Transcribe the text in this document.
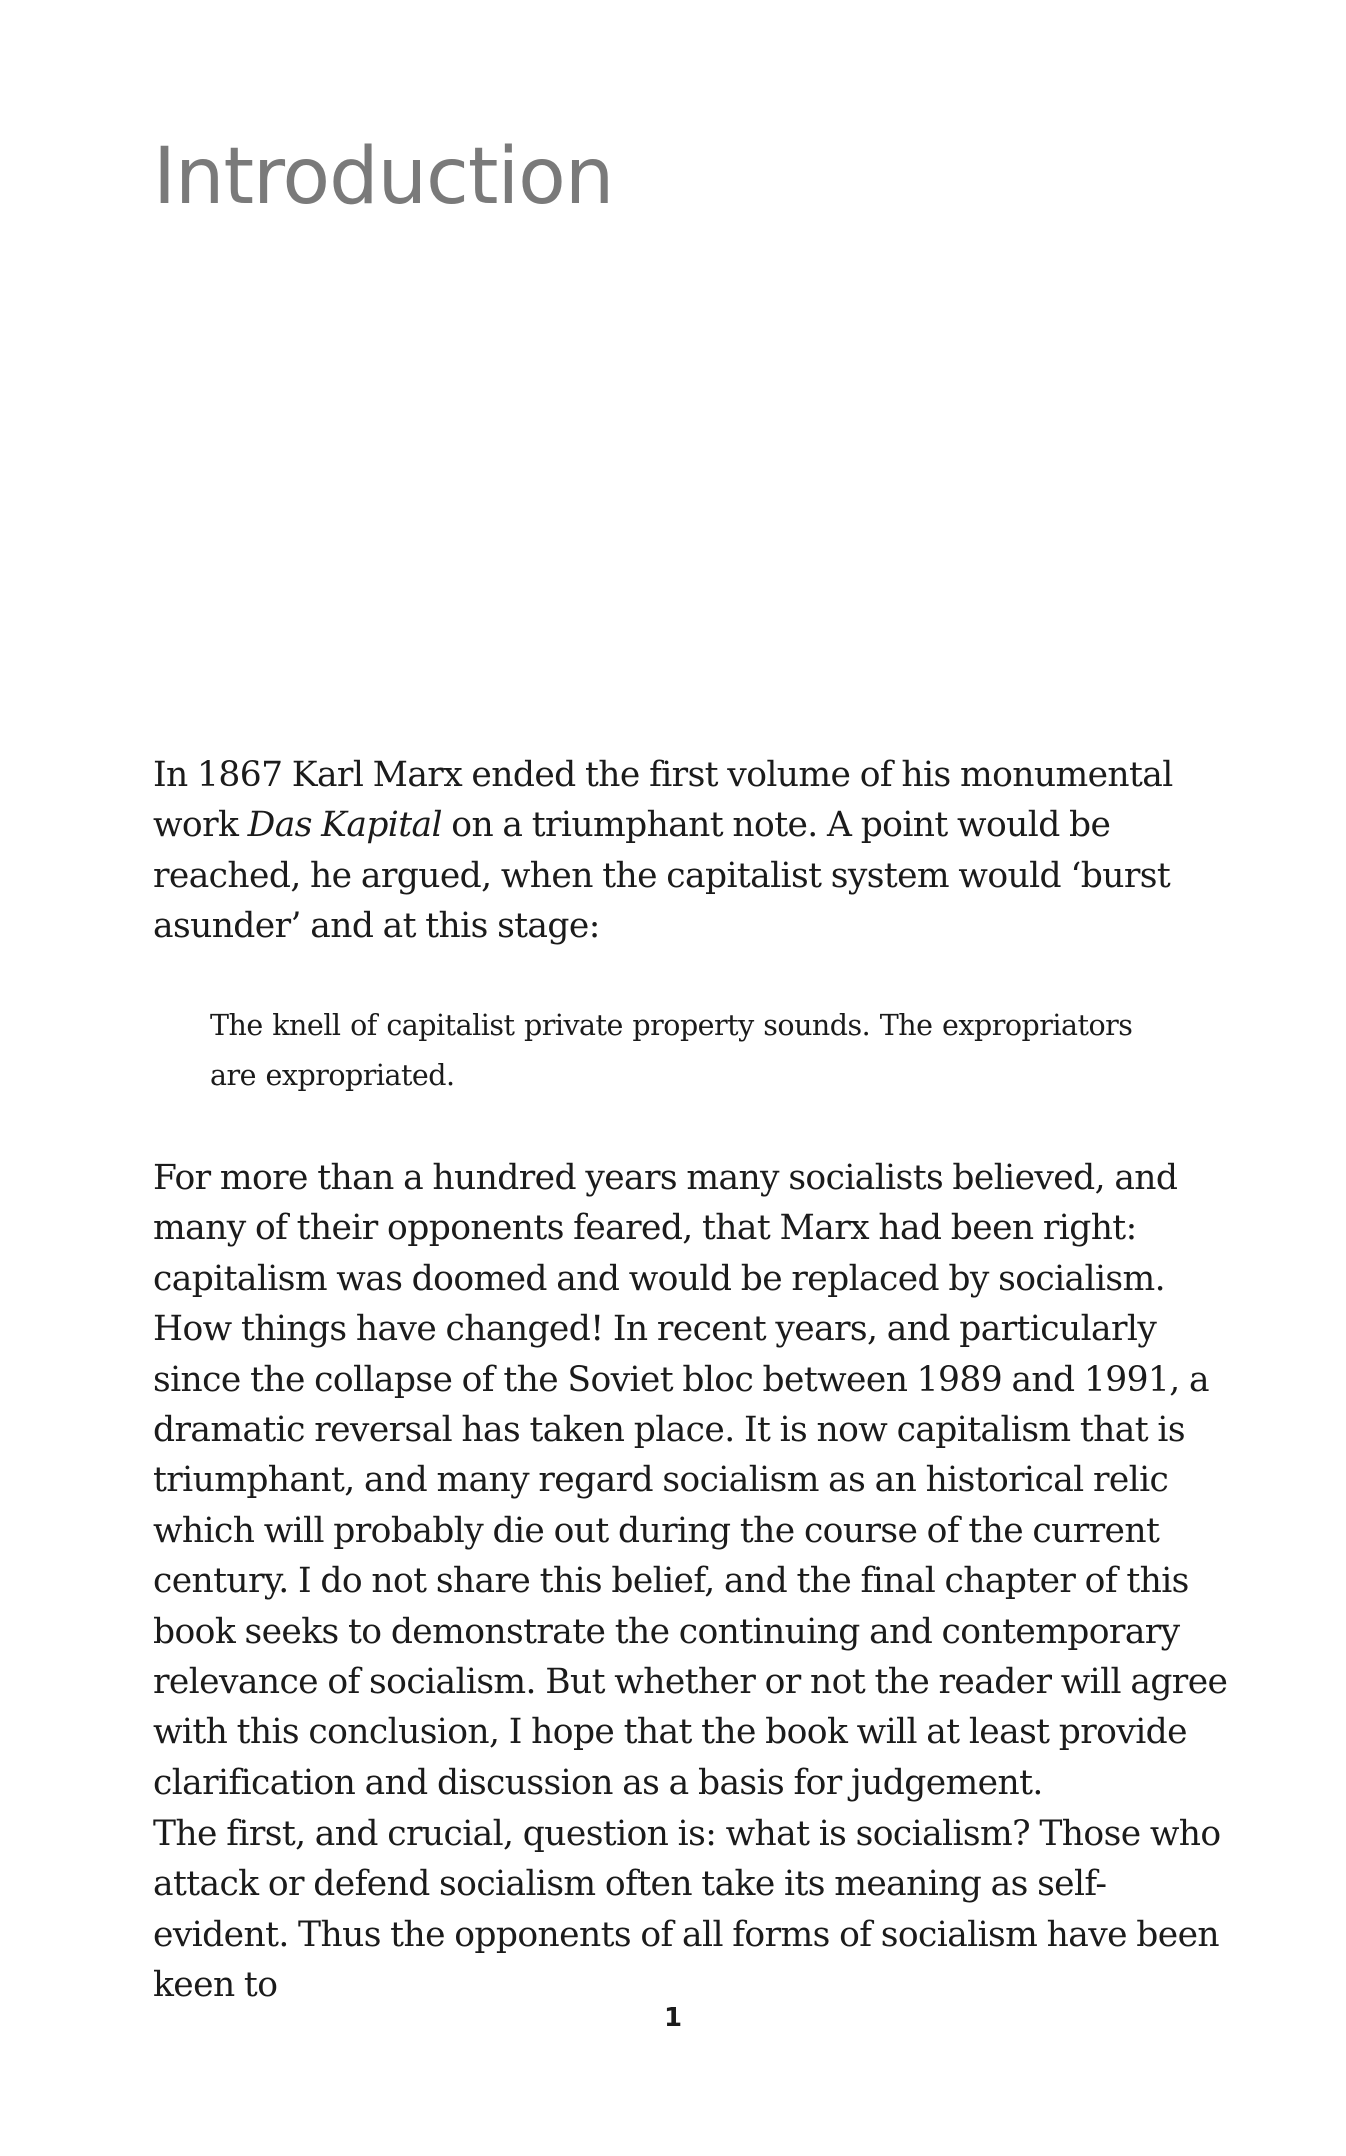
Introduction

In 1867 Karl Marx ended the first volume of his monumental work Das Kapital on a triumphant note. A point would be reached, he argued, when the capitalist system would ‘burst asunder’ and at this stage:

The knell of capitalist private property sounds. The expropriators are expropriated.

For more than a hundred years many socialists believed, and many of their opponents feared, that Marx had been right: capitalism was doomed and would be replaced by socialism. How things have changed! In recent years, and particularly since the collapse of the Soviet bloc between 1989 and 1991, a dramatic reversal has taken place. It is now capitalism that is triumphant, and many regard socialism as an historical relic which will probably die out during the course of the current century. I do not share this belief, and the final chapter of this book seeks to demonstrate the continuing and contemporary relevance of socialism. But whether or not the reader will agree with this conclusion, I hope that the book will at least provide clarification and discussion as a basis for judgement.

The first, and crucial, question is: what is socialism? Those who attack or defend socialism often take its meaning as self-evident. Thus the opponents of all forms of socialism have been keen to

1
